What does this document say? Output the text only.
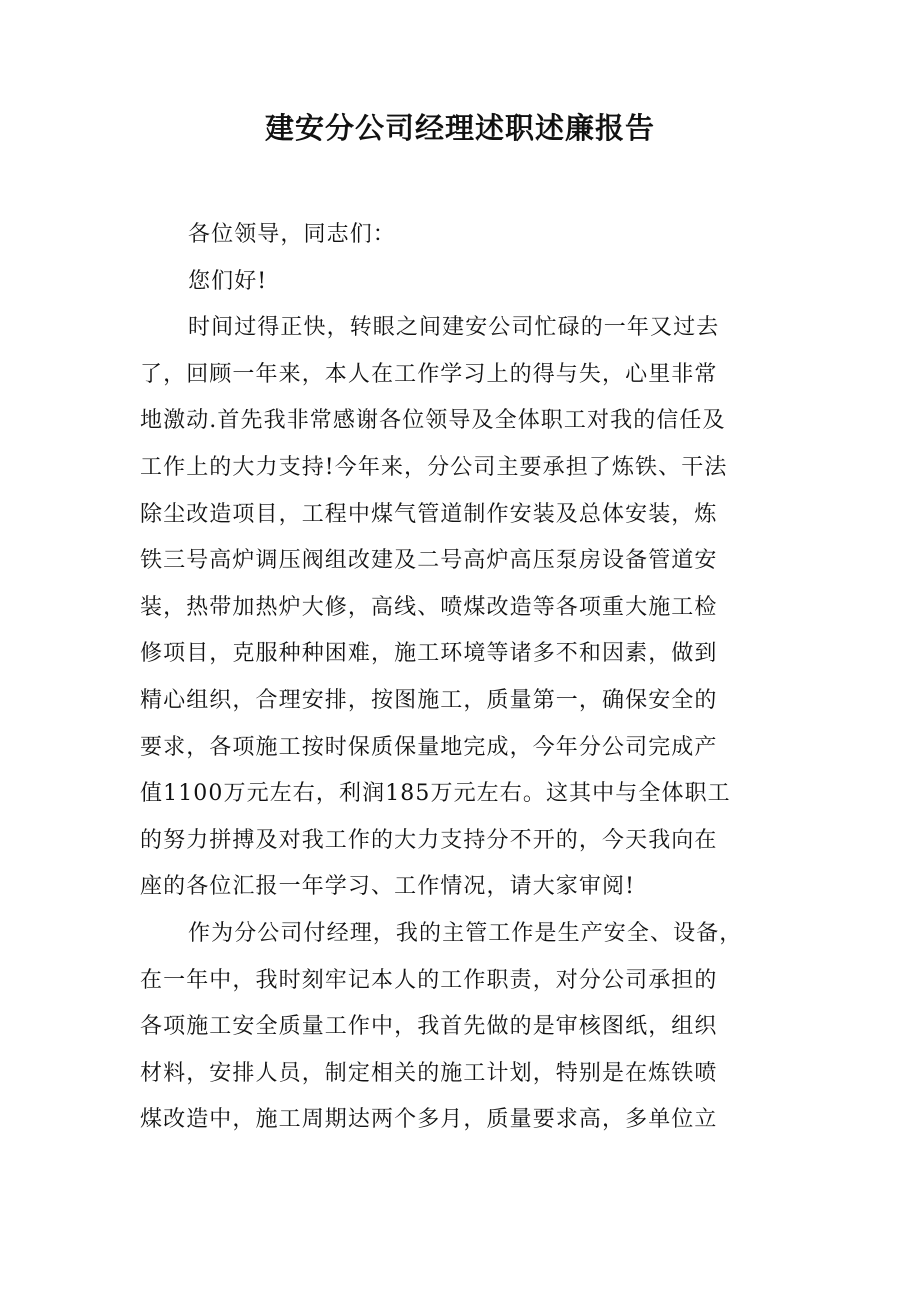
建安分公司经理述职述廉报告

各位领导，同志们：

您们好!

时间过得正快，转眼之间建安公司忙碌的一年又过去
了，回顾一年来，本人在工作学习上的得与失，心里非常
地激动.首先我非常感谢各位领导及全体职工对我的信任及
工作上的大力支持!今年来，分公司主要承担了炼铁、干法
除尘改造项目，工程中煤气管道制作安装及总体安装，炼
铁三号高炉调压阀组改建及二号高炉高压泵房设备管道安
装，热带加热炉大修，高线、喷煤改造等各项重大施工检
修项目，克服种种困难，施工环境等诸多不和因素，做到
精心组织，合理安排，按图施工，质量第一，确保安全的
要求，各项施工按时保质保量地完成，今年分公司完成产
值1100万元左右，利润185万元左右。这其中与全体职工
的努力拼搏及对我工作的大力支持分不开的，今天我向在
座的各位汇报一年学习、工作情况，请大家审阅!

作为分公司付经理，我的主管工作是生产安全、设备，
在一年中，我时刻牢记本人的工作职责，对分公司承担的
各项施工安全质量工作中，我首先做的是审核图纸，组织
材料，安排人员，制定相关的施工计划，特别是在炼铁喷
煤改造中，施工周期达两个多月，质量要求高，多单位立
